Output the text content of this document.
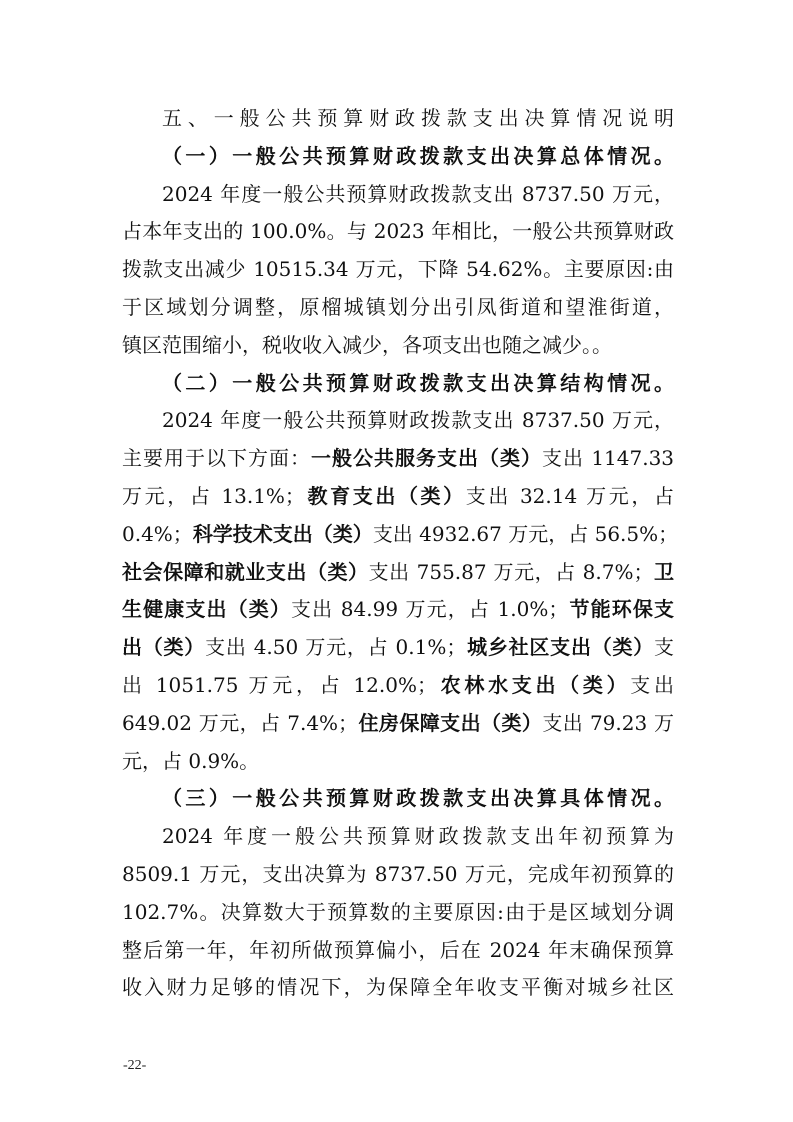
五、一般公共预算财政拨款支出决算情况说明
（一）一般公共预算财政拨款支出决算总体情况。
2024 年度一般公共预算财政拨款支出 8737.50 万元，
占本年支出的 100.0%。与 2023 年相比，一般公共预算财政
拨款支出减少 10515.34 万元，下降 54.62%。主要原因:由
于区域划分调整，原榴城镇划分出引凤街道和望淮街道，
镇区范围缩小，税收收入减少，各项支出也随之减少。。
（二）一般公共预算财政拨款支出决算结构情况。
2024 年度一般公共预算财政拨款支出 8737.50 万元，
主要用于以下方面：一般公共服务支出（类）支出 1147.33
万元，占 13.1%；教育支出（类）支出 32.14 万元，占
0.4%；科学技术支出（类）支出 4932.67 万元，占 56.5%；
社会保障和就业支出（类）支出 755.87 万元，占 8.7%；卫
生健康支出（类）支出 84.99 万元，占 1.0%；节能环保支
出（类）支出 4.50 万元，占 0.1%；城乡社区支出（类）支
出 1051.75 万元，占 12.0%；农林水支出（类）支出
649.02 万元，占 7.4%；住房保障支出（类）支出 79.23 万
元，占 0.9%。
（三）一般公共预算财政拨款支出决算具体情况。
2024 年度一般公共预算财政拨款支出年初预算为
8509.1 万元，支出决算为 8737.50 万元，完成年初预算的
102.7%。决算数大于预算数的主要原因:由于是区域划分调
整后第一年，年初所做预算偏小，后在 2024 年末确保预算
收入财力足够的情况下，为保障全年收支平衡对城乡社区
-22-
